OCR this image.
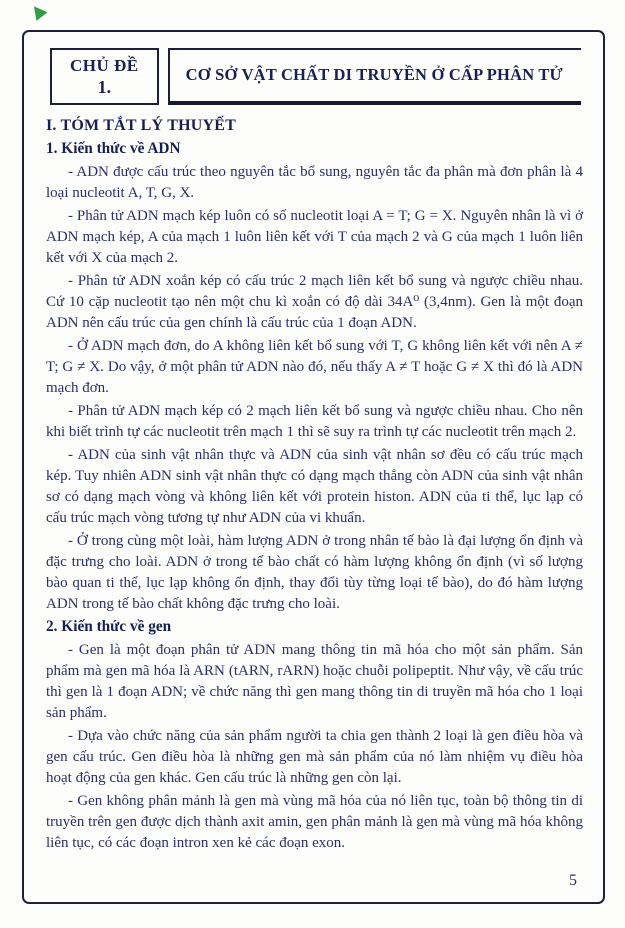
CHỦ ĐỀ
1.
CƠ SỞ VẬT CHẤT DI TRUYỀN Ở CẤP PHÂN TỬ
I. TÓM TẮT LÝ THUYẾT
1. Kiến thức về ADN

- ADN được cấu trúc theo nguyên tắc bổ sung, nguyên tắc đa phân mà đơn phân là 4 loại nucleotit A, T, G, X.

- Phân tử ADN mạch kép luôn có số nucleotit loại A = T; G = X. Nguyên nhân là vì ở ADN mạch kép, A của mạch 1 luôn liên kết với T của mạch 2 và G của mạch 1 luôn liên kết với X của mạch 2.

- Phân tử ADN xoắn kép có cấu trúc 2 mạch liên kết bổ sung và ngược chiều nhau. Cứ 10 cặp nucleotit tạo nên một chu kì xoắn có độ dài 34A⁰ (3,4nm). Gen là một đoạn ADN nên cấu trúc của gen chính là cấu trúc của 1 đoạn ADN.

- Ở ADN mạch đơn, do A không liên kết bổ sung với T, G không liên kết với nên A ≠ T; G ≠ X. Do vậy, ở một phân tử ADN nào đó, nếu thấy A ≠ T hoặc G ≠ X thì đó là ADN mạch đơn.

- Phân tử ADN mạch kép có 2 mạch liên kết bổ sung và ngược chiều nhau. Cho nên khi biết trình tự các nucleotit trên mạch 1 thì sẽ suy ra trình tự các nucleotit trên mạch 2.

- ADN của sinh vật nhân thực và ADN của sinh vật nhân sơ đều có cấu trúc mạch kép. Tuy nhiên ADN sinh vật nhân thực có dạng mạch thẳng còn ADN của sinh vật nhân sơ có dạng mạch vòng và không liên kết với protein histon. ADN của ti thể, lục lạp có cấu trúc mạch vòng tương tự như ADN của vi khuẩn.

- Ở trong cùng một loài, hàm lượng ADN ở trong nhân tế bào là đại lượng ổn định và đặc trưng cho loài. ADN ở trong tế bào chất có hàm lượng không ổn định (vì số lượng bào quan ti thể, lục lạp không ổn định, thay đổi tùy từng loại tế bào), do đó hàm lượng ADN trong tế bào chất không đặc trưng cho loài.

2. Kiến thức về gen

- Gen là một đoạn phân tử ADN mang thông tin mã hóa cho một sản phẩm. Sản phẩm mà gen mã hóa là ARN (tARN, rARN) hoặc chuỗi polipeptit. Như vậy, về cấu trúc thì gen là 1 đoạn ADN; về chức năng thì gen mang thông tin di truyền mã hóa cho 1 loại sản phẩm.

- Dựa vào chức năng của sản phẩm người ta chia gen thành 2 loại là gen điều hòa và gen cấu trúc. Gen điều hòa là những gen mà sản phẩm của nó làm nhiệm vụ điều hòa hoạt động của gen khác. Gen cấu trúc là những gen còn lại.

- Gen không phân mảnh là gen mà vùng mã hóa của nó liên tục, toàn bộ thông tin di truyền trên gen được dịch thành axit amin, gen phân mảnh là gen mà vùng mã hóa không liên tục, có các đoạn intron xen kẻ các đoạn exon.

5
